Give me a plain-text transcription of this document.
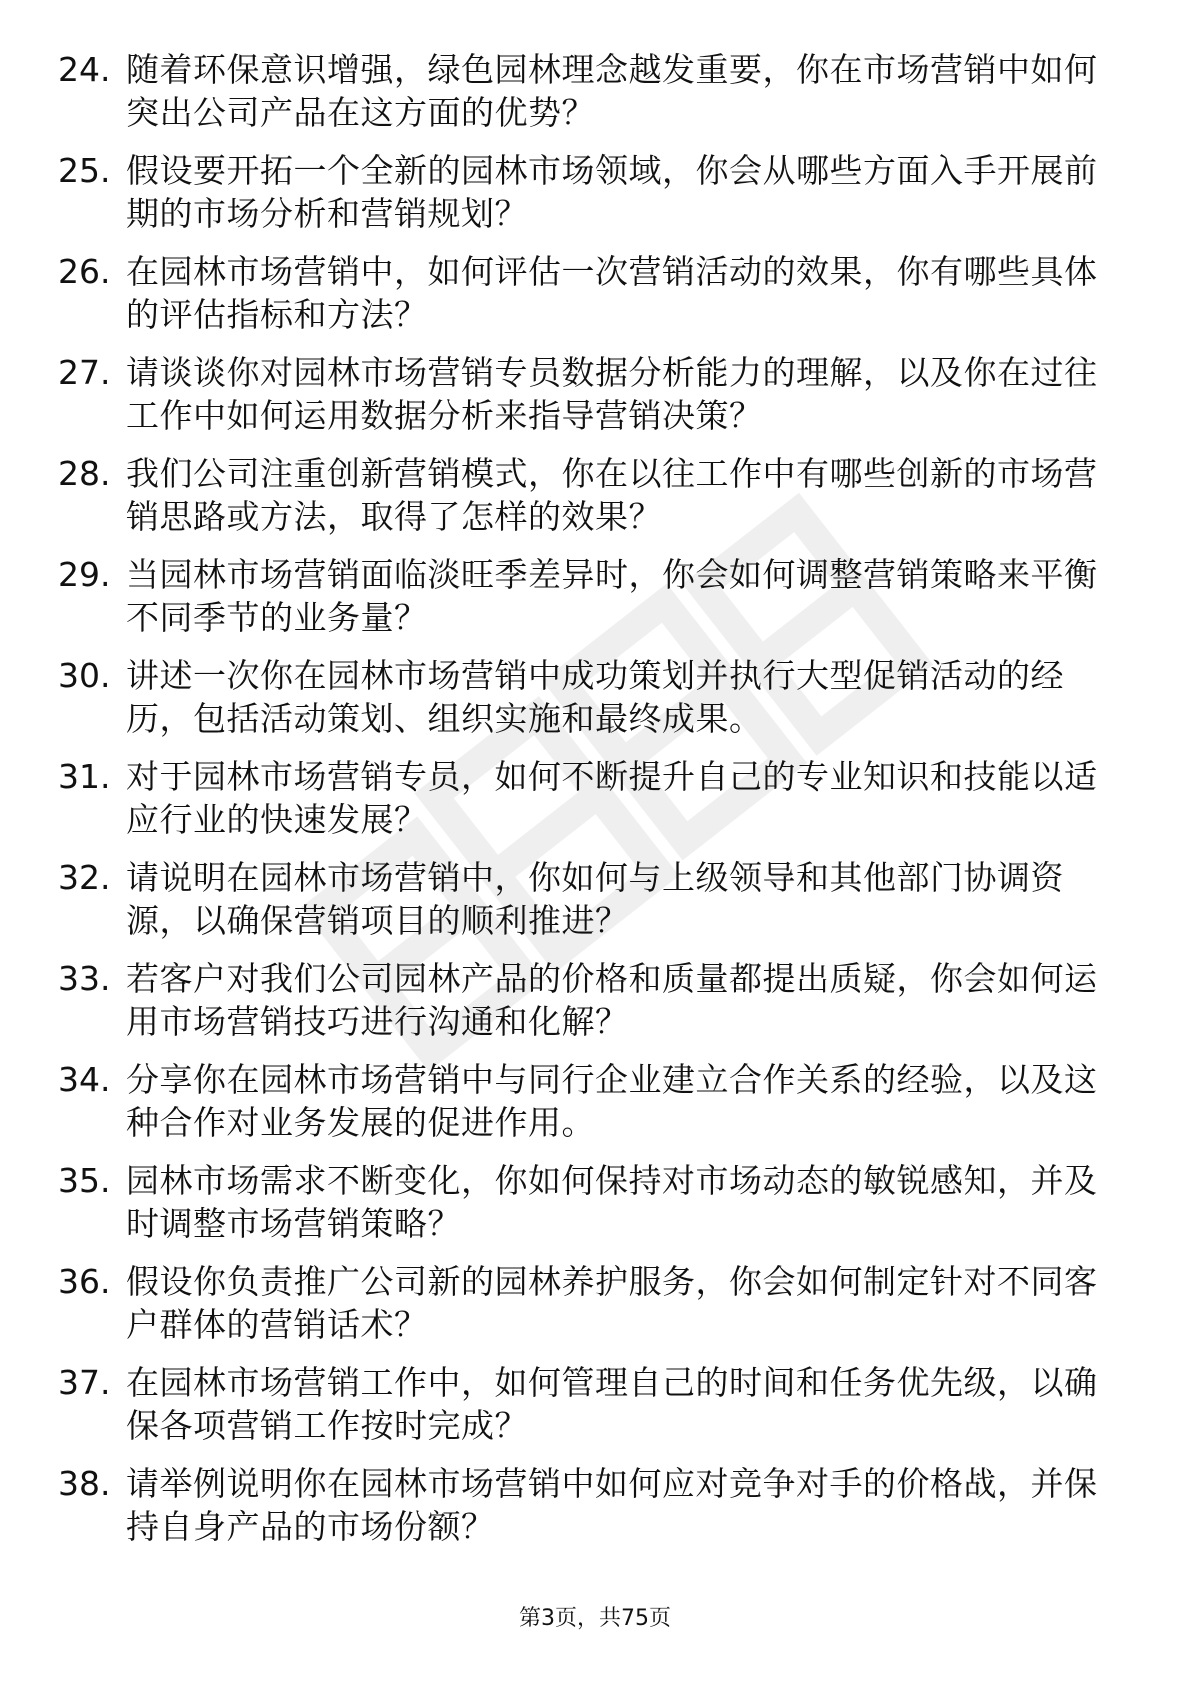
24. 随着环保意识增强，绿色园林理念越发重要，你在市场营销中如何突出公司产品在这方面的优势？
25. 假设要开拓一个全新的园林市场领域，你会从哪些方面入手开展前期的市场分析和营销规划？
26. 在园林市场营销中，如何评估一次营销活动的效果，你有哪些具体的评估指标和方法？
27. 请谈谈你对园林市场营销专员数据分析能力的理解，以及你在过往工作中如何运用数据分析来指导营销决策？
28. 我们公司注重创新营销模式，你在以往工作中有哪些创新的市场营销思路或方法，取得了怎样的效果？
29. 当园林市场营销面临淡旺季差异时，你会如何调整营销策略来平衡不同季节的业务量？
30. 讲述一次你在园林市场营销中成功策划并执行大型促销活动的经历，包括活动策划、组织实施和最终成果。
31. 对于园林市场营销专员，如何不断提升自己的专业知识和技能以适应行业的快速发展？
32. 请说明在园林市场营销中，你如何与上级领导和其他部门协调资源，以确保营销项目的顺利推进？
33. 若客户对我们公司园林产品的价格和质量都提出质疑，你会如何运用市场营销技巧进行沟通和化解？
34. 分享你在园林市场营销中与同行企业建立合作关系的经验，以及这种合作对业务发展的促进作用。
35. 园林市场需求不断变化，你如何保持对市场动态的敏锐感知，并及时调整市场营销策略？
36. 假设你负责推广公司新的园林养护服务，你会如何制定针对不同客户群体的营销话术？
37. 在园林市场营销工作中，如何管理自己的时间和任务优先级，以确保各项营销工作按时完成？
38. 请举例说明你在园林市场营销中如何应对竞争对手的价格战，并保持自身产品的市场份额？
第3页，共75页
